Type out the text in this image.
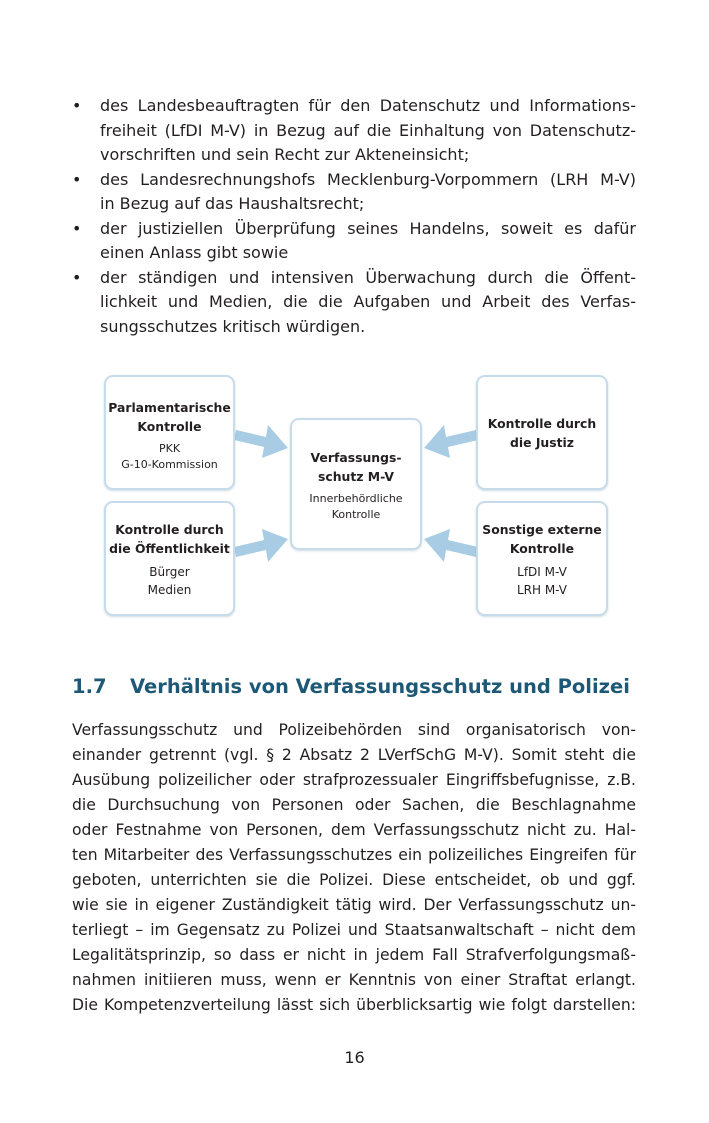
• des Landesbeauftragten für den Datenschutz und Informations-
freiheit (LfDI M-V) in Bezug auf die Einhaltung von Datenschutz-
vorschriften und sein Recht zur Akteneinsicht;
• des Landesrechnungshofs Mecklenburg-Vorpommern (LRH M-V)
in Bezug auf das Haushaltsrecht;
• der justiziellen Überprüfung seines Handelns, soweit es dafür
einen Anlass gibt sowie
• der ständigen und intensiven Überwachung durch die Öffent-
lichkeit und Medien, die die Aufgaben und Arbeit des Verfas-
sungsschutzes kritisch würdigen.
Parlamentarische
Kontrolle
PKK
G-10-Kommission
Kontrolle durch
die Öffentlichkeit
Bürger
Medien
Verfassungs-
schutz M-V
Innerbehördliche
Kontrolle
Kontrolle durch
die Justiz
Sonstige externe
Kontrolle
LfDI M-V
LRH M-V
1.7 Verhältnis von Verfassungsschutz und Polizei
Verfassungsschutz und Polizeibehörden sind organisatorisch von-
einander getrennt (vgl. § 2 Absatz 2 LVerfSchG M-V). Somit steht die
Ausübung polizeilicher oder strafprozessualer Eingriffsbefugnisse, z.B.
die Durchsuchung von Personen oder Sachen, die Beschlagnahme
oder Festnahme von Personen, dem Verfassungsschutz nicht zu. Hal-
ten Mitarbeiter des Verfassungsschutzes ein polizeiliches Eingreifen für
geboten, unterrichten sie die Polizei. Diese entscheidet, ob und ggf.
wie sie in eigener Zuständigkeit tätig wird. Der Verfassungsschutz un-
terliegt – im Gegensatz zu Polizei und Staatsanwaltschaft – nicht dem
Legalitätsprinzip, so dass er nicht in jedem Fall Strafverfolgungsmaß-
nahmen initiieren muss, wenn er Kenntnis von einer Straftat erlangt.
Die Kompetenzverteilung lässt sich überblicksartig wie folgt darstellen:
16
